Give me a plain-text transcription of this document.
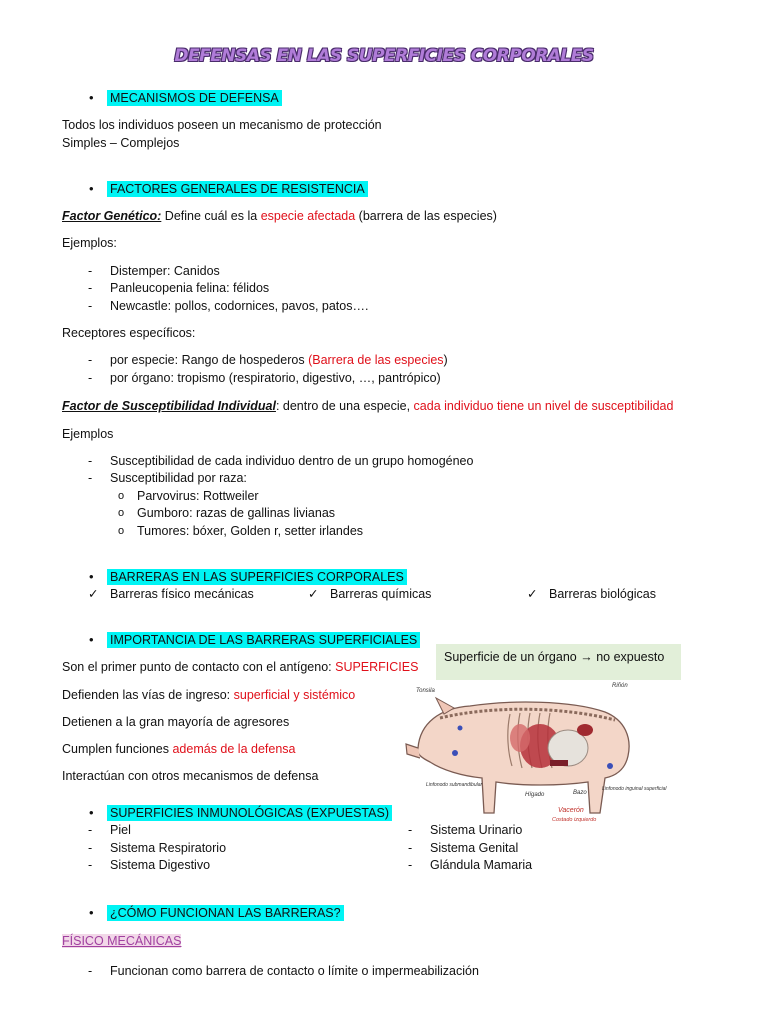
DEFENSAS EN LAS SUPERFICIES CORPORALES
• MECANISMOS DE DEFENSA
Todos los individuos poseen un mecanismo de protección
Simples – Complejos
• FACTORES GENERALES DE RESISTENCIA
Factor Genético: Define cuál es la especie afectada (barrera de las especies)
Ejemplos:
- Distemper: Canidos
- Panleucopenia felina: félidos
- Newcastle: pollos, codornices, pavos, patos….
Receptores específicos:
- por especie: Rango de hospederos (Barrera de las especies)
- por órgano: tropismo (respiratorio, digestivo, …, pantrópico)
Factor de Susceptibilidad Individual: dentro de una especie, cada individuo tiene un nivel de susceptibilidad
Ejemplos
- Susceptibilidad de cada individuo dentro de un grupo homogéneo
- Susceptibilidad por raza:
o Parvovirus: Rottweiler
o Gumboro: razas de gallinas livianas
o Tumores: bóxer, Golden r, setter irlandes
• BARRERAS EN LAS SUPERFICIES CORPORALES
✓ Barreras físico mecánicas	✓ Barreras químicas	✓ Barreras biológicas
• IMPORTANCIA DE LAS BARRERAS SUPERFICIALES
Son el primer punto de contacto con el antígeno: SUPERFICIES
Defienden las vías de ingreso: superficial y sistémico
Detienen a la gran mayoría de agresores
Cumplen funciones además de la defensa
Interactúan con otros mecanismos de defensa
Superficie de un órgano → no expuesto
Tonsila
Riñón
Linfonodo submandibular
Hígado	Bazo
Linfonodo inguinal superficial
Vacerón
Costado izquierdo
• SUPERFICIES INMUNOLÓGICAS (EXPUESTAS)
- Piel
- Sistema Respiratorio
- Sistema Digestivo
- Sistema Urinario
- Sistema Genital
- Glándula Mamaria
• ¿CÓMO FUNCIONAN LAS BARRERAS?
FÍSICO MECÁNICAS
- Funcionan como barrera de contacto o límite o impermeabilización
